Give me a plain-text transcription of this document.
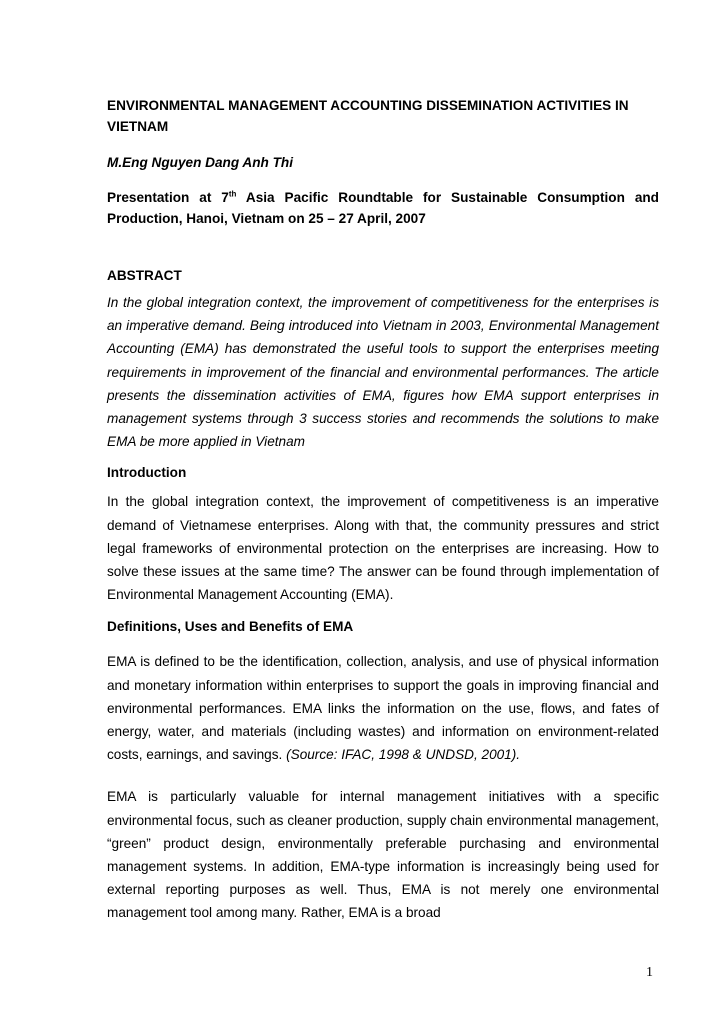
ENVIRONMENTAL MANAGEMENT ACCOUNTING DISSEMINATION ACTIVITIES IN VIETNAM

M.Eng Nguyen Dang Anh Thi

Presentation at 7th Asia Pacific Roundtable for Sustainable Consumption and Production, Hanoi, Vietnam on 25 – 27 April, 2007

ABSTRACT

In the global integration context, the improvement of competitiveness for the enterprises is an imperative demand. Being introduced into Vietnam in 2003, Environmental Management Accounting (EMA) has demonstrated the useful tools to support the enterprises meeting requirements in improvement of the financial and environmental performances. The article presents the dissemination activities of EMA, figures how EMA support enterprises in management systems through 3 success stories and recommends the solutions to make EMA be more applied in Vietnam

Introduction

In the global integration context, the improvement of competitiveness is an imperative demand of Vietnamese enterprises. Along with that, the community pressures and strict legal frameworks of environmental protection on the enterprises are increasing. How to solve these issues at the same time? The answer can be found through implementation of Environmental Management Accounting (EMA).

Definitions, Uses and Benefits of EMA

EMA is defined to be the identification, collection, analysis, and use of physical information and monetary information within enterprises to support the goals in improving financial and environmental performances. EMA links the information on the use, flows, and fates of energy, water, and materials (including wastes) and information on environment-related costs, earnings, and savings. (Source: IFAC, 1998 & UNDSD, 2001).

EMA is particularly valuable for internal management initiatives with a specific environmental focus, such as cleaner production, supply chain environmental management, “green” product design, environmentally preferable purchasing and environmental management systems. In addition, EMA-type information is increasingly being used for external reporting purposes as well. Thus, EMA is not merely one environmental management tool among many. Rather, EMA is a broad

1
